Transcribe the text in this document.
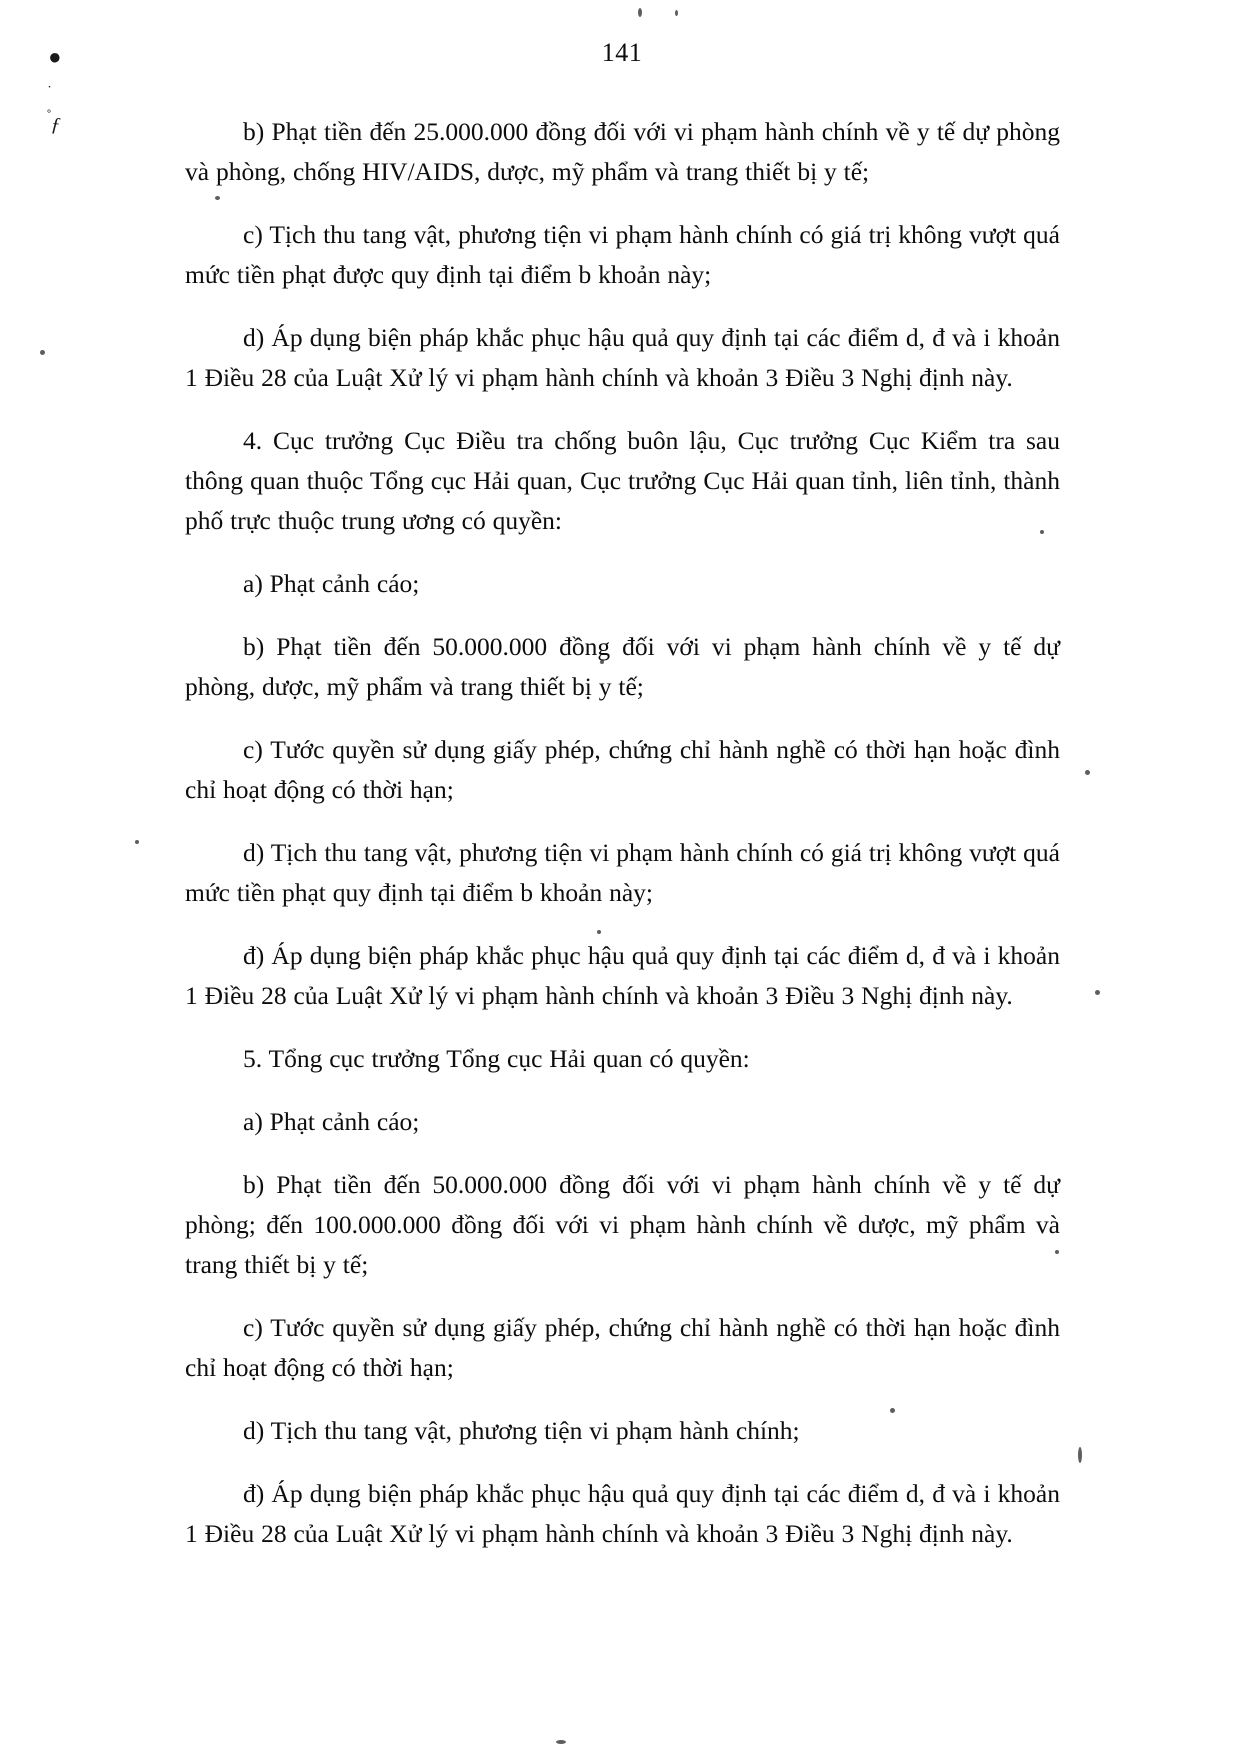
141
●
˙
ƒ	b) Phạt tiền đến 25.000.000 đồng đối với vi phạm hành chính về y tế dự phòng và phòng, chống HIV/AIDS, dược, mỹ phẩm và trang thiết bị y tế;

c) Tịch thu tang vật, phương tiện vi phạm hành chính có giá trị không vượt quá mức tiền phạt được quy định tại điểm b khoản này;

d) Áp dụng biện pháp khắc phục hậu quả quy định tại các điểm d, đ và i khoản 1 Điều 28 của Luật Xử lý vi phạm hành chính và khoản 3 Điều 3 Nghị định này.

4. Cục trưởng Cục Điều tra chống buôn lậu, Cục trưởng Cục Kiểm tra sau thông quan thuộc Tổng cục Hải quan, Cục trưởng Cục Hải quan tỉnh, liên tỉnh, thành phố trực thuộc trung ương có quyền:

a) Phạt cảnh cáo;

b) Phạt tiền đến 50.000.000 đồng đối với vi phạm hành chính về y tế dự phòng, dược, mỹ phẩm và trang thiết bị y tế;

c) Tước quyền sử dụng giấy phép, chứng chỉ hành nghề có thời hạn hoặc đình chỉ hoạt động có thời hạn;

d) Tịch thu tang vật, phương tiện vi phạm hành chính có giá trị không vượt quá mức tiền phạt quy định tại điểm b khoản này;

đ) Áp dụng biện pháp khắc phục hậu quả quy định tại các điểm d, đ và i khoản 1 Điều 28 của Luật Xử lý vi phạm hành chính và khoản 3 Điều 3 Nghị định này.

5. Tổng cục trưởng Tổng cục Hải quan có quyền:

a) Phạt cảnh cáo;

b) Phạt tiền đến 50.000.000 đồng đối với vi phạm hành chính về y tế dự phòng; đến 100.000.000 đồng đối với vi phạm hành chính về dược, mỹ phẩm và trang thiết bị y tế;

c) Tước quyền sử dụng giấy phép, chứng chỉ hành nghề có thời hạn hoặc đình chỉ hoạt động có thời hạn;

d) Tịch thu tang vật, phương tiện vi phạm hành chính;

đ) Áp dụng biện pháp khắc phục hậu quả quy định tại các điểm d, đ và i khoản 1 Điều 28 của Luật Xử lý vi phạm hành chính và khoản 3 Điều 3 Nghị định này.
